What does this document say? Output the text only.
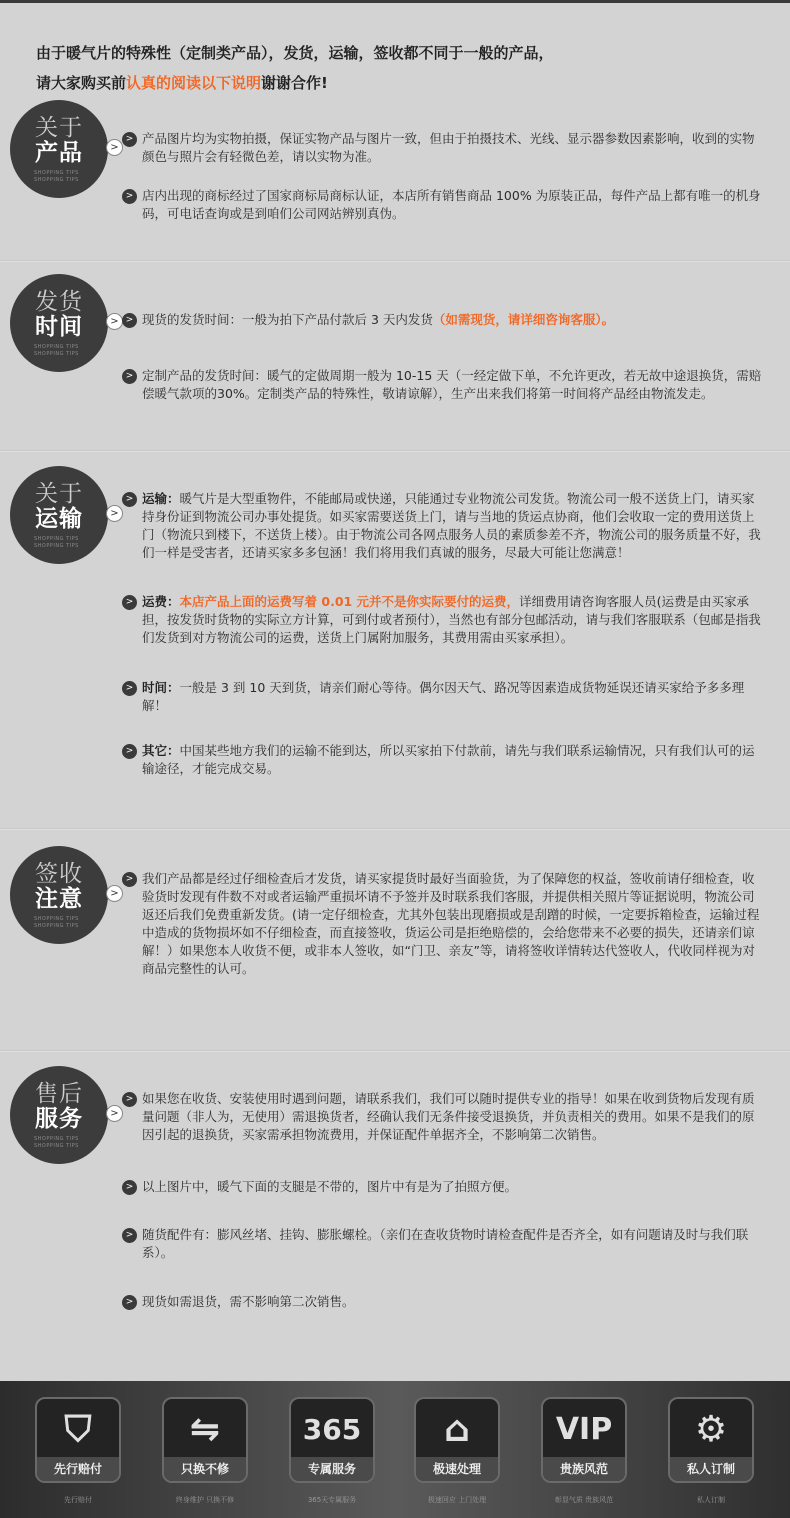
由于暖气片的特殊性（定制类产品），发货，运输，签收都不同于一般的产品，
请大家购买前认真的阅读以下说明谢谢合作!
关于
产品
SHOPPING TIPS
SHOPPING TIPS
>
> 产品图片均为实物拍摄，保证实物产品与图片一致，但由于拍摄技术、光线、显示器参数因素影响，收到的实物颜色与照片会有轻微色差，请以实物为准。
> 店内出现的商标经过了国家商标局商标认证，本店所有销售商品 100% 为原装正品，每件产品上都有唯一的机身码，可电话查询或是到咱们公司网站辨别真伪。
发货
时间
SHOPPING TIPS
SHOPPING TIPS
> > 现货的发货时间：一般为拍下产品付款后 3 天内发货（如需现货，请详细咨询客服）。
> 定制产品的发货时间：暖气的定做周期一般为 10-15 天（一经定做下单，不允许更改，若无故中途退换货，需赔偿暖气款项的30%。定制类产品的特殊性，敬请谅解），生产出来我们将第一时间将产品经由物流发走。
关于
运输
SHOPPING TIPS
SHOPPING TIPS
>
> 运输：暖气片是大型重物件，不能邮局或快递，只能通过专业物流公司发货。物流公司一般不送货上门，请买家持身份证到物流公司办事处提货。如买家需要送货上门，请与当地的货运点协商，他们会收取一定的费用送货上门（物流只到楼下，不送货上楼）。由于物流公司各网点服务人员的素质参差不齐，物流公司的服务质量不好，我们一样是受害者，还请买家多多包涵！我们将用我们真诚的服务，尽最大可能让您满意！
> 运费：本店产品上面的运费写着 0.01 元并不是你实际要付的运费，详细费用请咨询客服人员(运费是由买家承担，按发货时货物的实际立方计算，可到付或者预付），当然也有部分包邮活动，请与我们客服联系（包邮是指我们发货到对方物流公司的运费，送货上门属附加服务，其费用需由买家承担）。
> 时间：一般是 3 到 10 天到货，请亲们耐心等待。偶尔因天气、路况等因素造成货物延误还请买家给予多多理解！
> 其它：中国某些地方我们的运输不能到达，所以买家拍下付款前，请先与我们联系运输情况，只有我们认可的运输途径，才能完成交易。
签收
注意
SHOPPING TIPS
SHOPPING TIPS
>
> 我们产品都是经过仔细检查后才发货，请买家提货时最好当面验货，为了保障您的权益，签收前请仔细检查，收验货时发现有件数不对或者运输严重损坏请不予签并及时联系我们客服，并提供相关照片等证据说明，物流公司返还后我们免费重新发货。(请一定仔细检查，尤其外包装出现磨损或是刮蹭的时候，一定要拆箱检查，运输过程中造成的货物损坏如不仔细检查，而直接签收，货运公司是拒绝赔偿的，会给您带来不必要的损失，还请亲们谅解！）如果您本人收货不便，或非本人签收，如“门卫、亲友”等，请将签收详情转达代签收人，代收同样视为对商品完整性的认可。
售后
服务
SHOPPING TIPS
SHOPPING TIPS
>
> 如果您在收货、安装使用时遇到问题，请联系我们，我们可以随时提供专业的指导！如果在收到货物后发现有质量问题（非人为，无使用）需退换货者，经确认我们无条件接受退换货，并负责相关的费用。如果不是我们的原因引起的退换货，买家需承担物流费用，并保证配件单据齐全，不影响第二次销售。
> 以上图片中，暖气下面的支腿是不带的，图片中有是为了拍照方便。
> 随货配件有：膨风丝堵、挂钩、膨胀螺栓。（亲们在查收货物时请检查配件是否齐全，如有问题请及时与我们联系）。
> 现货如需退货，需不影响第二次销售。
⛉
先行赔付
先行赔付
⇋
只换不修
终身维护 只换不修
365
专属服务
365天专属服务
⌂
极速处理
极速回应 上门处理
VIP
贵族风范
彰显气质 贵族风范
⚙
私人订制
私人订制
